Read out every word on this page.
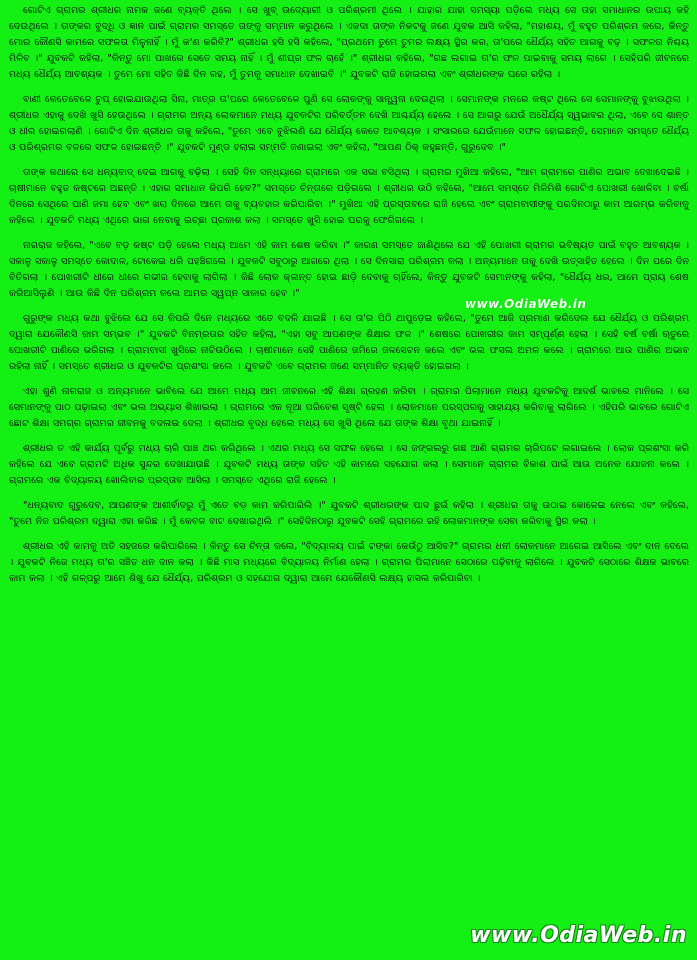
ଗୋଟିଏ ଗ୍ରାମର ଶ୍ରୀଧର ନାମକ ଜଣେ ବ୍ୟକ୍ତି ଥିଲେ । ସେ ଖୁବ୍ ଉଦ୍ୟୋଗୀ ଓ ପରିଶ୍ରମୀ ଥିଲେ । ଯାହାର ଯାହା ସମସ୍ୟା ପଡ଼ିଲେ ମଧ୍ୟ ସେ ତାହା ସମାଧାନର ଉପାୟ କହି ଦେଉଥିଲେ । ତାଙ୍କର ବୁଦ୍ଧି ଓ ଜ୍ଞାନ ପାଇଁ ଗ୍ରାମର ସମସ୍ତେ ତାଙ୍କୁ ସମ୍ମାନ କରୁଥିଲେ । ଏକଦା ତାଙ୍କ ନିକଟକୁ ଜଣେ ଯୁବକ ଆସି କହିଲା, "ମହାଶୟ, ମୁଁ ବହୁତ ପରିଶ୍ରମ କରେ, କିନ୍ତୁ ମୋର କୌଣସି କାମରେ ସଫଳତା ମିଳୁନାହିଁ । ମୁଁ କ'ଣ କରିବି?" ଶ୍ରୀଧର ହସି ହସି କହିଲେ, "ପ୍ରଥମେ ତୁମେ ତୁମର ଲକ୍ଷ୍ୟ ସ୍ଥିର କର, ତା'ପରେ ଧୈର୍ଯ୍ୟ ସହିତ ଆଗକୁ ବଢ଼ । ସଫଳତା ନିଶ୍ଚୟ ମିଳିବ ।" ଯୁବକଟି କହିଲା, "କିନ୍ତୁ ମୋ ପାଖରେ ସେତେ ସମୟ ନାହିଁ । ମୁଁ ଶୀଘ୍ର ଫଳ ଚାହେଁ ।" ଶ୍ରୀଧର କହିଲେ, "ଗଛ ଲଗାଇ ତା'ର ଫଳ ପାଇବାକୁ ସମୟ ଲାଗେ । ସେହିପରି ଜୀବନରେ ମଧ୍ୟ ଧୈର୍ଯ୍ୟ ଆବଶ୍ୟକ । ତୁମେ ମୋ ସହିତ କିଛି ଦିନ ରହ, ମୁଁ ତୁମକୁ ସମାଧାନ ଦେଖାଇବି ।" ଯୁବକଟି ରାଜି ହୋଇଗଲା ଏବଂ ଶ୍ରୀଧରଙ୍କ ଘରେ ରହିଲା ।

ବାଣୀ କେତେବେଳେ ଚୁପ୍ ହୋଇଯାଉଥିଲା ସିନା, ମାତ୍ର ତା'ପରେ କେତେବେଳେ ପୁଣି ସେ ଲୋକଙ୍କୁ ସାନ୍ତ୍ୱନା ଦେଉଥିଲା । ସେମାନଙ୍କ ମନରେ କଷ୍ଟ ଥିଲେ ସେ ସେମାନଙ୍କୁ ବୁଝାଉଥିଲା । ଶ୍ରୀଧର ଏହାକୁ ଦେଖି ଖୁସି ହେଉଥିଲେ । ଗ୍ରାମର ଅନ୍ୟ ଲୋକମାନେ ମଧ୍ୟ ଯୁବକଟିର ପରିବର୍ତ୍ତନ ଦେଖି ଆଶ୍ଚର୍ଯ୍ୟ ହେଲେ । ସେ ଆଗରୁ ଯେଉଁ ଅଧୈର୍ଯ୍ୟ ସ୍ୱଭାବର ଥିଲା, ଏବେ ସେ ଶାନ୍ତ ଓ ଧୀର ହୋଇଗଲାଣି । ଗୋଟିଏ ଦିନ ଶ୍ରୀଧର ତାକୁ କହିଲେ, "ତୁମେ ଏବେ ବୁଝିଲଣି ଯେ ଧୈର୍ଯ୍ୟ କେତେ ଆବଶ୍ୟକ । ସଂସାରରେ ଯେଉଁମାନେ ସଫଳ ହୋଇଛନ୍ତି, ସେମାନେ ସମସ୍ତେ ଧୈର୍ଯ୍ୟ ଓ ପରିଶ୍ରମର ବଳରେ ସଫଳ ହୋଇଛନ୍ତି ।" ଯୁବକଟି ମୁଣ୍ଡ ହଲାଇ ସମ୍ମତି ଜଣାଇଲା ଏବଂ କହିଲା, "ଆପଣ ଠିକ୍ କହୁଛନ୍ତି, ଗୁରୁଦେବ ।"

ତାଙ୍କ କଥାରେ ସେ ଧନ୍ୟବାଦ୍ ଦେଇ ଆଗକୁ ବଢ଼ିଲା । ସେହି ଦିନ ସନ୍ଧ୍ୟାରେ ଗ୍ରାମରେ ଏକ ସଭା ବସିଥିଲା । ଗ୍ରାମର ମୁଖିଆ କହିଲେ, "ଆମ ଗ୍ରାମରେ ପାଣିର ଅଭାବ ଦେଖାଦେଇଛି । ଚାଷୀମାନେ ବହୁତ କଷ୍ଟରେ ଅଛନ୍ତି । ଏହାର ସମାଧାନ କିପରି ହେବ?" ସମସ୍ତେ ଚିନ୍ତାରେ ପଡ଼ିଗଲେ । ଶ୍ରୀଧର ଉଠି କହିଲେ, "ଆମେ ସମସ୍ତେ ମିଳିମିଶି ଗୋଟିଏ ପୋଖରୀ ଖୋଳିବା । ବର୍ଷା ଦିନରେ ସେଥିରେ ପାଣି ଜମା ହେବ ଏବଂ ଖରା ଦିନରେ ଆମେ ତାକୁ ବ୍ୟବହାର କରିପାରିବା ।" ମୁଖିଆ ଏହି ପ୍ରସ୍ତାବରେ ରାଜି ହେଲେ ଏବଂ ଗ୍ରାମବାସୀଙ୍କୁ ପରଦିନଠାରୁ କାମ ଆରମ୍ଭ କରିବାକୁ କହିଲେ । ଯୁବକଟି ମଧ୍ୟ ଏଥିରେ ଭାଗ ନେବାକୁ ଇଚ୍ଛା ପ୍ରକାଶ କଲା । ସମସ୍ତେ ଖୁସି ହୋଇ ଘରକୁ ଫେରିଗଲେ ।

ନାଗରାଜ କହିଲେ, "ଏବେ ବଡ଼ କଷ୍ଟ ପଡ଼ି ହେଲେ ମଧ୍ୟ ଆମେ ଏହି କାମ ଶେଷ କରିବା ।" କାରଣ ସମସ୍ତେ ଜାଣିଥିଲେ ଯେ ଏହି ପୋଖରୀ ଗ୍ରାମର ଭବିଷ୍ୟତ ପାଇଁ ବହୁତ ଆବଶ୍ୟକ । ସକାଳୁ ସକାଳୁ ସମସ୍ତେ କୋଦାଳ, ଟୋକେଇ ଧରି ପହଞ୍ଚିଗଲେ । ଯୁବକଟି ସବୁଠାରୁ ଆଗରେ ଥିଲା । ସେ ଦିନସାରା ପରିଶ୍ରମ କଲା । ଅନ୍ୟମାନେ ତାକୁ ଦେଖି ଉତ୍ସାହିତ ହେଲେ । ଦିନ ପରେ ଦିନ ବିତିଗଲା । ପୋଖରୀଟି ଧୀରେ ଧୀରେ ଗଭୀର ହେବାକୁ ଲାଗିଲା । କିଛି ଲୋକ କ୍ଳାନ୍ତ ହୋଇ ଛାଡ଼ି ଦେବାକୁ ଚାହିଁଲେ, କିନ୍ତୁ ଯୁବକଟି ସେମାନଙ୍କୁ କହିଲା, "ଧୈର୍ଯ୍ୟ ଧର, ଆମେ ପ୍ରାୟ ଶେଷ କରିଆସିଲୁଣି । ଆଉ କିଛି ଦିନ ପରିଶ୍ରମ କଲେ ଆମର ସ୍ୱପ୍ନ ସାକାର ହେବ ।"

ଗୁରୁଙ୍କ ମଧ୍ୟ କଥା ବୁଝିଲେ ଯେ ସେ କିପରି ଦିନେ ମଧ୍ୟରେ ଏତେ ବଦଳି ଯାଇଛି । ସେ ତା'ର ପିଠି ଥାପୁଡ଼େଇ କହିଲେ, "ତୁମେ ଆଜି ପ୍ରମାଣ କରିଦେଲ ଯେ ଧୈର୍ଯ୍ୟ ଓ ପରିଶ୍ରମ ଦ୍ୱାରା ଯେକୌଣସି କାମ ସମ୍ଭବ ।" ଯୁବକଟି ବିନମ୍ରତାର ସହିତ କହିଲା, "ଏହା ସବୁ ଆପଣଙ୍କ ଶିକ୍ଷାର ଫଳ ।" ଶେଷରେ ପୋଖରୀର କାମ ସମ୍ପୂର୍ଣ୍ଣ ହେଲା । ସେହି ବର୍ଷ ବର୍ଷା ଋତୁରେ ପୋଖରୀଟି ପାଣିରେ ଭରିଗଲା । ଗ୍ରାମବାସୀ ଖୁସିରେ ନାଚିଉଠିଲେ । ଚାଷୀମାନେ ସେହି ପାଣିରେ ଜମିରେ ଜଳସେଚନ କଲେ ଏବଂ ଭଲ ଫସଲ ଅମଳ କଲେ । ଗ୍ରାମରେ ଆଉ ପାଣିର ଅଭାବ ରହିଲା ନାହିଁ । ସମସ୍ତେ ଶ୍ରୀଧର ଓ ଯୁବକଟିର ପ୍ରଶଂସା କଲେ । ଯୁବକଟି ଏବେ ଗ୍ରାମର ଜଣେ ସମ୍ମାନିତ ବ୍ୟକ୍ତି ହୋଇଗଲା ।

ଏହା ଶୁଣି ନାଗରାଜ ଓ ଅନ୍ୟମାନେ ଭାବିଲେ ଯେ ଆମେ ମଧ୍ୟ ଆମ ଜୀବନରେ ଏହି ଶିକ୍ଷା ଗ୍ରହଣ କରିବା । ଗ୍ରାମର ପିଲାମାନେ ମଧ୍ୟ ଯୁବକଟିକୁ ଆଦର୍ଶ ଭାବରେ ମାନିଲେ । ସେ ସେମାନଙ୍କୁ ପାଠ ପଢ଼ାଇଲା ଏବଂ ଭଲ ଅଭ୍ୟାସ ଶିଖାଇଲା । ଗ୍ରାମରେ ଏକ ନୂଆ ପରିବେଶ ସୃଷ୍ଟି ହେଲା । ଲୋକମାନେ ପରସ୍ପରକୁ ସାହାଯ୍ୟ କରିବାକୁ ଲାଗିଲେ । ଏହିପରି ଭାବରେ ଗୋଟିଏ ଛୋଟ ଶିକ୍ଷା ସମଗ୍ର ଗ୍ରାମର ଜୀବନକୁ ବଦଳାଇ ଦେଲା । ଶ୍ରୀଧର ବୃଦ୍ଧ ହେଲେ ମଧ୍ୟ ସେ ଖୁସି ଥିଲେ ଯେ ତାଙ୍କ ଶିକ୍ଷା ବୃଥା ଯାଇନାହିଁ ।

ଶ୍ରୀଧର ତ ଏହି କାର୍ଯ୍ୟ ପୂର୍ବରୁ ମଧ୍ୟ ଚାରି ପାଞ୍ଚ ଥର କରିଥିଲେ । ଏଥର ମଧ୍ୟ ସେ ସଫଳ ହେଲେ । ସେ ଜଙ୍ଗଲରୁ ଗଛ ଆଣି ଗ୍ରାମର ଚାରିପଟେ ଲଗାଇଲେ । ଲୋକ ପ୍ରଶଂସା କରି କହିଲେ ଯେ ଏବେ ଗ୍ରାମଟି ଅଧିକ ସୁନ୍ଦର ଦେଖାଯାଉଛି । ଯୁବକଟି ମଧ୍ୟ ତାଙ୍କ ସହିତ ଏହି କାମରେ ସହଯୋଗ କଲା । ସେମାନେ ଗ୍ରାମର ବିକାଶ ପାଇଁ ଆଉ ଅନେକ ଯୋଜନା କଲେ । ଗ୍ରାମରେ ଏକ ବିଦ୍ୟାଳୟ ଖୋଲିବାର ପ୍ରସ୍ତାବ ଆସିଲା । ସମସ୍ତେ ଏଥିରେ ରାଜି ହେଲେ ।

"ଧନ୍ୟବାଦ ଗୁରୁଦେବ, ଆପଣଙ୍କ ଆଶୀର୍ବାଦରୁ ମୁଁ ଏତେ ବଡ଼ କାମ କରିପାରିଲି ।" ଯୁବକଟି ଶ୍ରୀଧରଙ୍କ ପାଦ ଛୁଇଁ କହିଲା । ଶ୍ରୀଧର ତାକୁ ଉଠାଇ କୋଳେଇ ନେଲେ ଏବଂ କହିଲେ, "ତୁମେ ନିଜ ପରିଶ୍ରମ ଦ୍ୱାରା ଏହା କରିଛ । ମୁଁ କେବଳ ବାଟ ଦେଖାଇଥିଲି ।" ସେହିଦିନଠାରୁ ଯୁବକଟି ସେହି ଗ୍ରାମରେ ରହି ଲୋକମାନଙ୍କ ସେବା କରିବାକୁ ସ୍ଥିର କଲା ।

ଶ୍ରୀଧର ଏହି କାମକୁ ଅତି ସହଜରେ କରିପାରିଲେ । କିନ୍ତୁ ସେ ଚିନ୍ତା କଲେ, "ବିଦ୍ୟାଳୟ ପାଇଁ ଟଙ୍କା କେଉଁଠୁ ଆସିବ?" ଗ୍ରାମର ଧନୀ ଲୋକମାନେ ଆଗେଇ ଆସିଲେ ଏବଂ ଦାନ ଦେଲେ । ଯୁବକଟି ନିଜେ ମଧ୍ୟ ତା'ର ସଞ୍ଚିତ ଧନ ଦାନ କଲା । କିଛି ମାସ ମଧ୍ୟରେ ବିଦ୍ୟାଳୟ ନିର୍ମାଣ ହେଲା । ଗ୍ରାମର ପିଲାମାନେ ସେଠାରେ ପଢ଼ିବାକୁ ଲାଗିଲେ । ଯୁବକଟି ସେଠାରେ ଶିକ୍ଷକ ଭାବରେ କାମ କଲା । ଏହି ଗଳ୍ପରୁ ଆମେ ଶିଖୁ ଯେ ଧୈର୍ଯ୍ୟ, ପରିଶ୍ରମ ଓ ସହଯୋଗ ଦ୍ୱାରା ଆମେ ଯେକୌଣସି ଲକ୍ଷ୍ୟ ହାସଲ କରିପାରିବା ।

www.OdiaWeb.in
www.OdiaWeb.in
